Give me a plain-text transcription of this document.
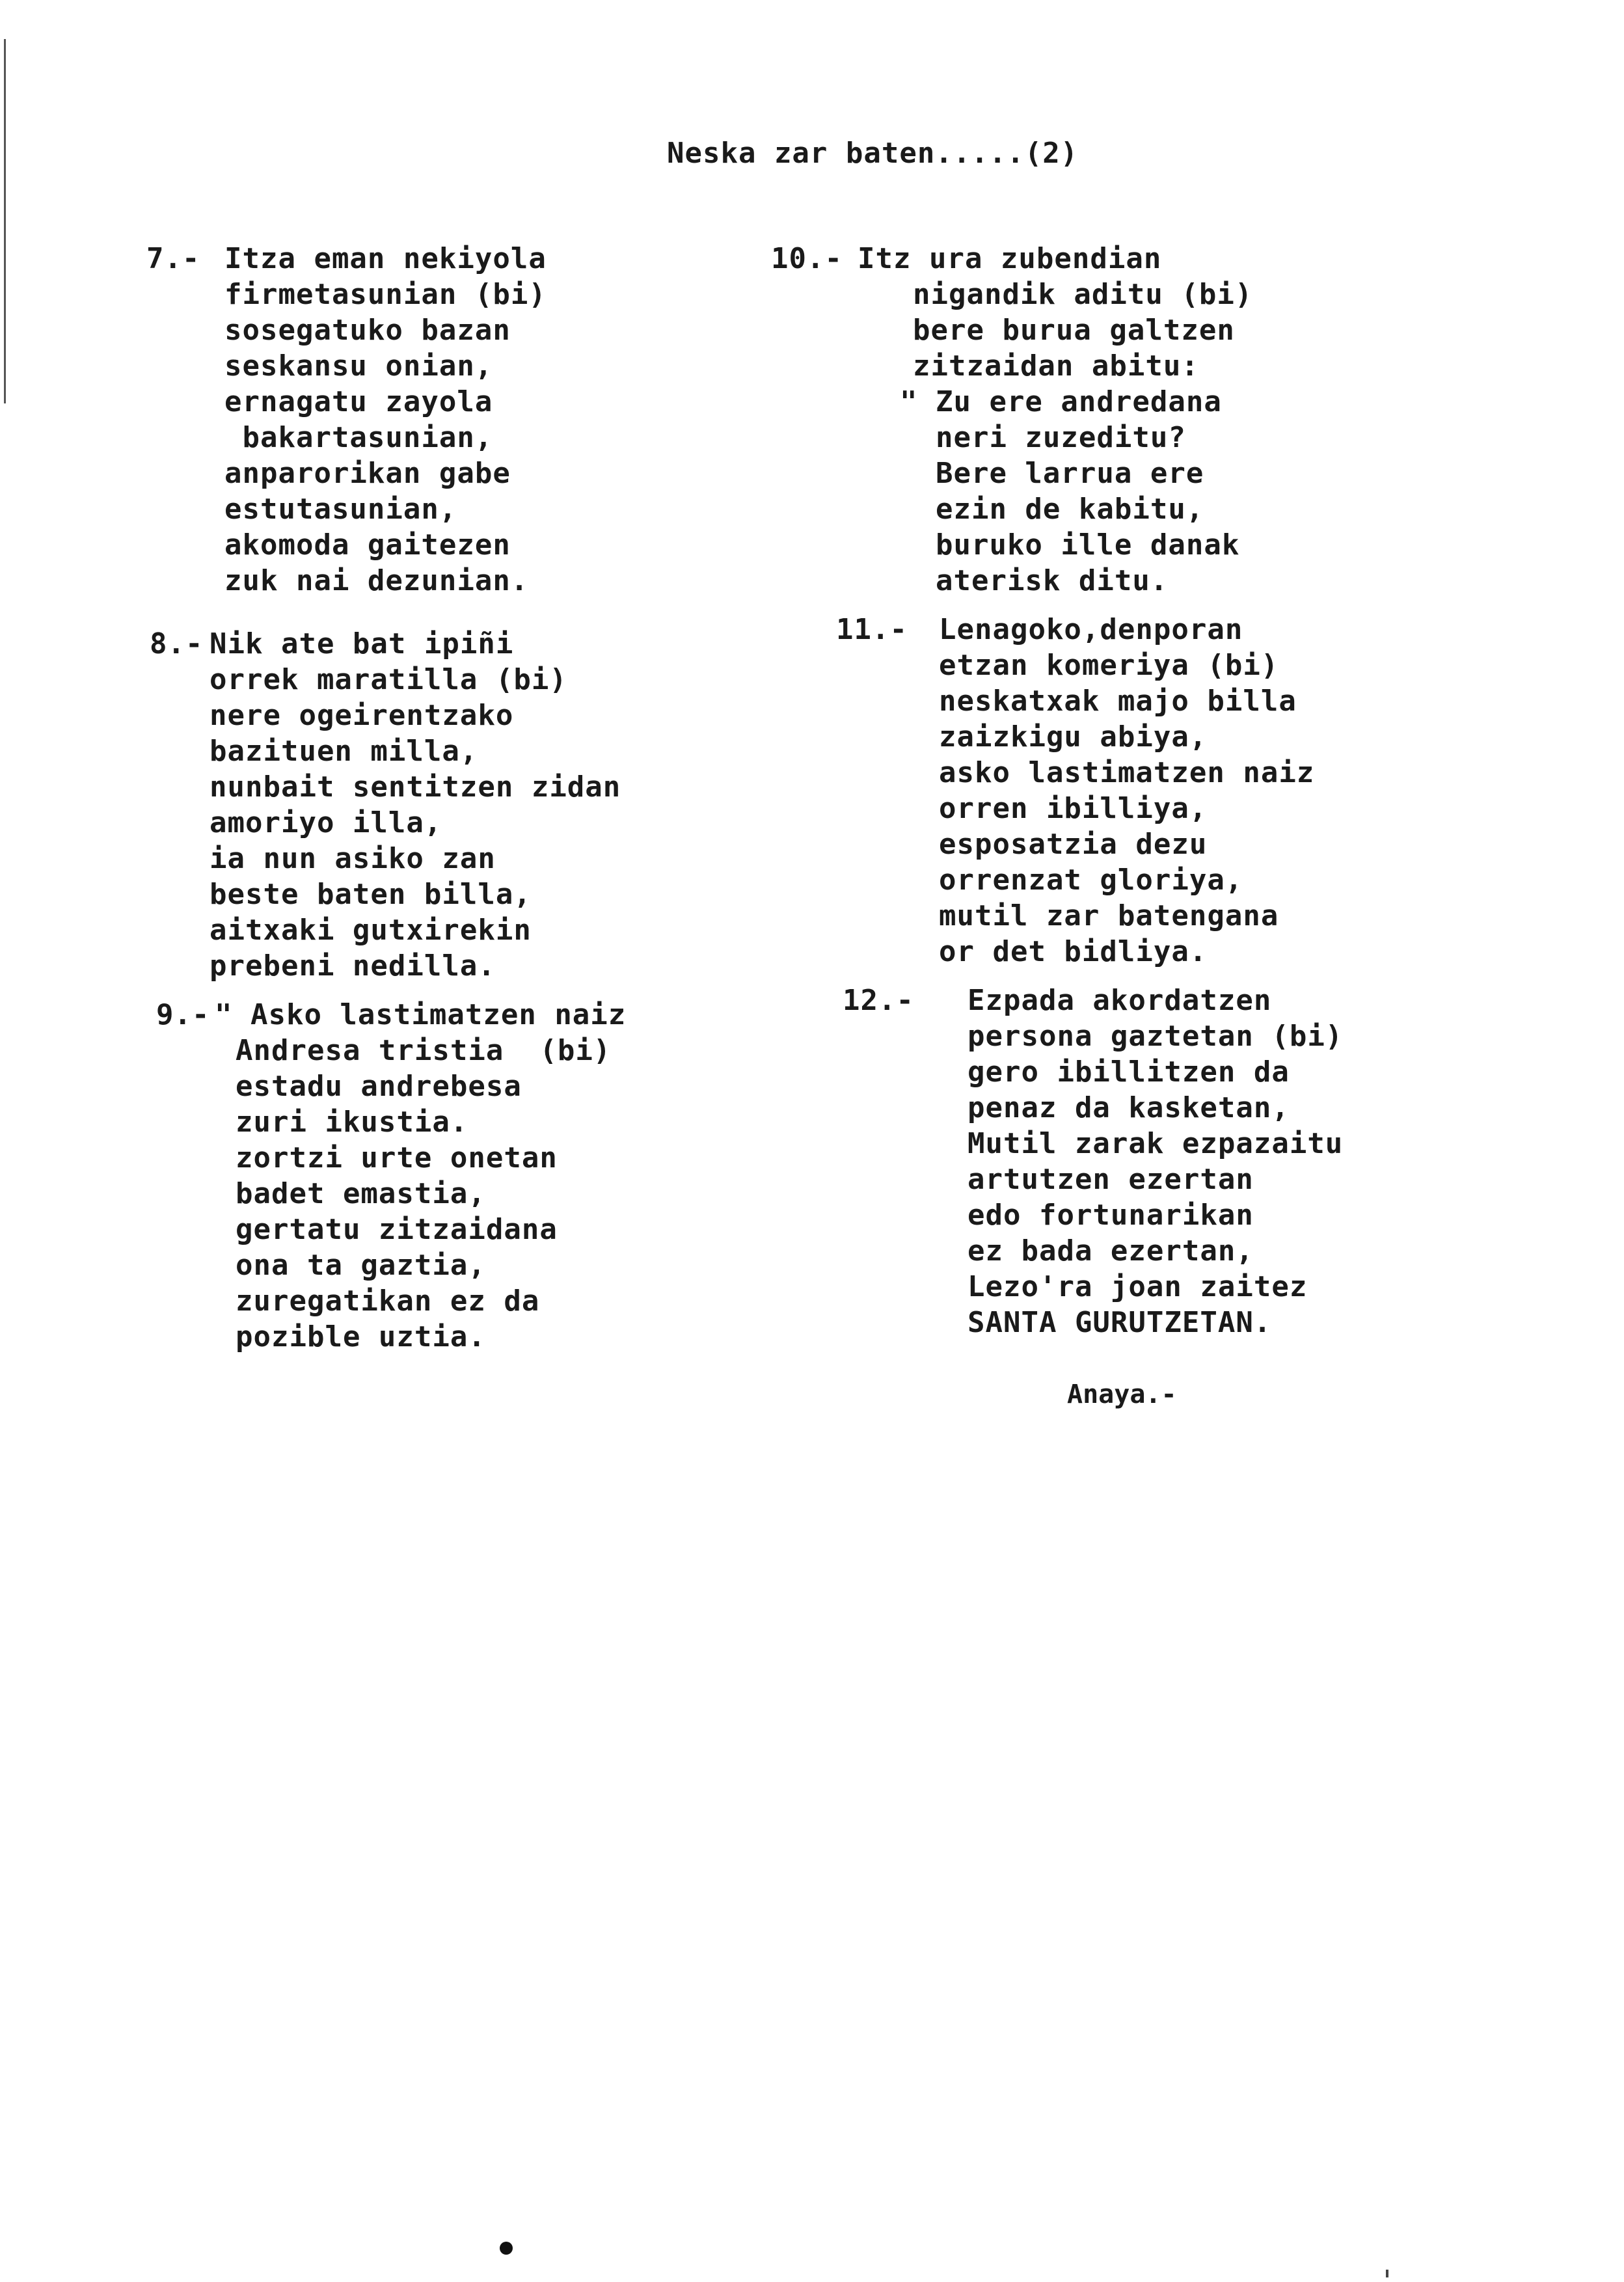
Neska zar baten.....(2)
7.- Itza eman nekiyola
firmetasunian (bi)
sosegatuko bazan
seskansu onian,
ernagatu zayola
bakartasunian,
anparorikan gabe
estutasunian,
akomoda gaitezen
zuk nai dezunian.
8.- Nik ate bat ipiñi
orrek maratilla (bi)
nere ogeirentzako
bazituen milla,
nunbait sentitzen zidan
amoriyo illa,
ia nun asiko zan
beste baten billa,
aitxaki gutxirekin
prebeni nedilla.
9.- " Asko lastimatzen naiz
Andresa tristia  (bi)
estadu andrebesa
zuri ikustia.
zortzi urte onetan
badet emastia,
gertatu zitzaidana
ona ta gaztia,
zuregatikan ez da
pozible uztia.
10.- Itz ura zubendian
nigandik aditu (bi)
bere burua galtzen
zitzaidan abitu:
" Zu ere andredana
neri zuzeditu?
Bere larrua ere
ezin de kabitu,
buruko ille danak
aterisk ditu.
11.- Lenagoko,denporan
etzan komeriya (bi)
neskatxak majo billa
zaizkigu abiya,
asko lastimatzen naiz
orren ibilliya,
esposatzia dezu
orrenzat gloriya,
mutil zar batengana
or det bidliya.
12.- Ezpada akordatzen
persona gaztetan (bi)
gero ibillitzen da
penaz da kasketan,
Mutil zarak ezpazaitu
artutzen ezertan
edo fortunarikan
ez bada ezertan,
Lezo'ra joan zaitez
SANTA GURUTZETAN.
Anaya.-
